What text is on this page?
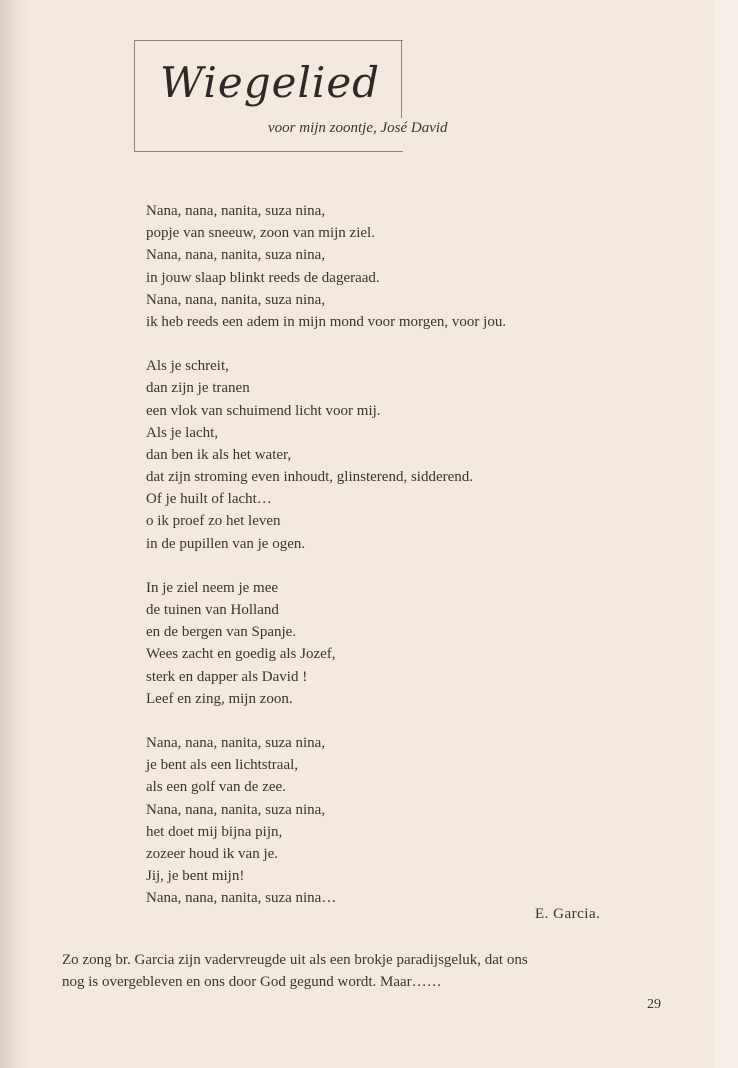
Wiegelied
voor mijn zoontje, José David
Nana, nana, nanita, suza nina,
popje van sneeuw, zoon van mijn ziel.
Nana, nana, nanita, suza nina,
in jouw slaap blinkt reeds de dageraad.
Nana, nana, nanita, suza nina,
ik heb reeds een adem in mijn mond voor morgen, voor jou.
Als je schreit,
dan zijn je tranen
een vlok van schuimend licht voor mij.
Als je lacht,
dan ben ik als het water,
dat zijn stroming even inhoudt, glinsterend, sidderend.
Of je huilt of lacht…
o ik proef zo het leven
in de pupillen van je ogen.
In je ziel neem je mee
de tuinen van Holland
en de bergen van Spanje.
Wees zacht en goedig als Jozef,
sterk en dapper als David !
Leef en zing, mijn zoon.
Nana, nana, nanita, suza nina,
je bent als een lichtstraal,
als een golf van de zee.
Nana, nana, nanita, suza nina,
het doet mij bijna pijn,
zozeer houd ik van je.
Jij, je bent mijn!
Nana, nana, nanita, suza nina…
E. Garcia.
Zo zong br. Garcia zijn vadervreugde uit als een brokje paradijsgeluk, dat ons
nog is overgebleven en ons door God gegund wordt. Maar……
29
